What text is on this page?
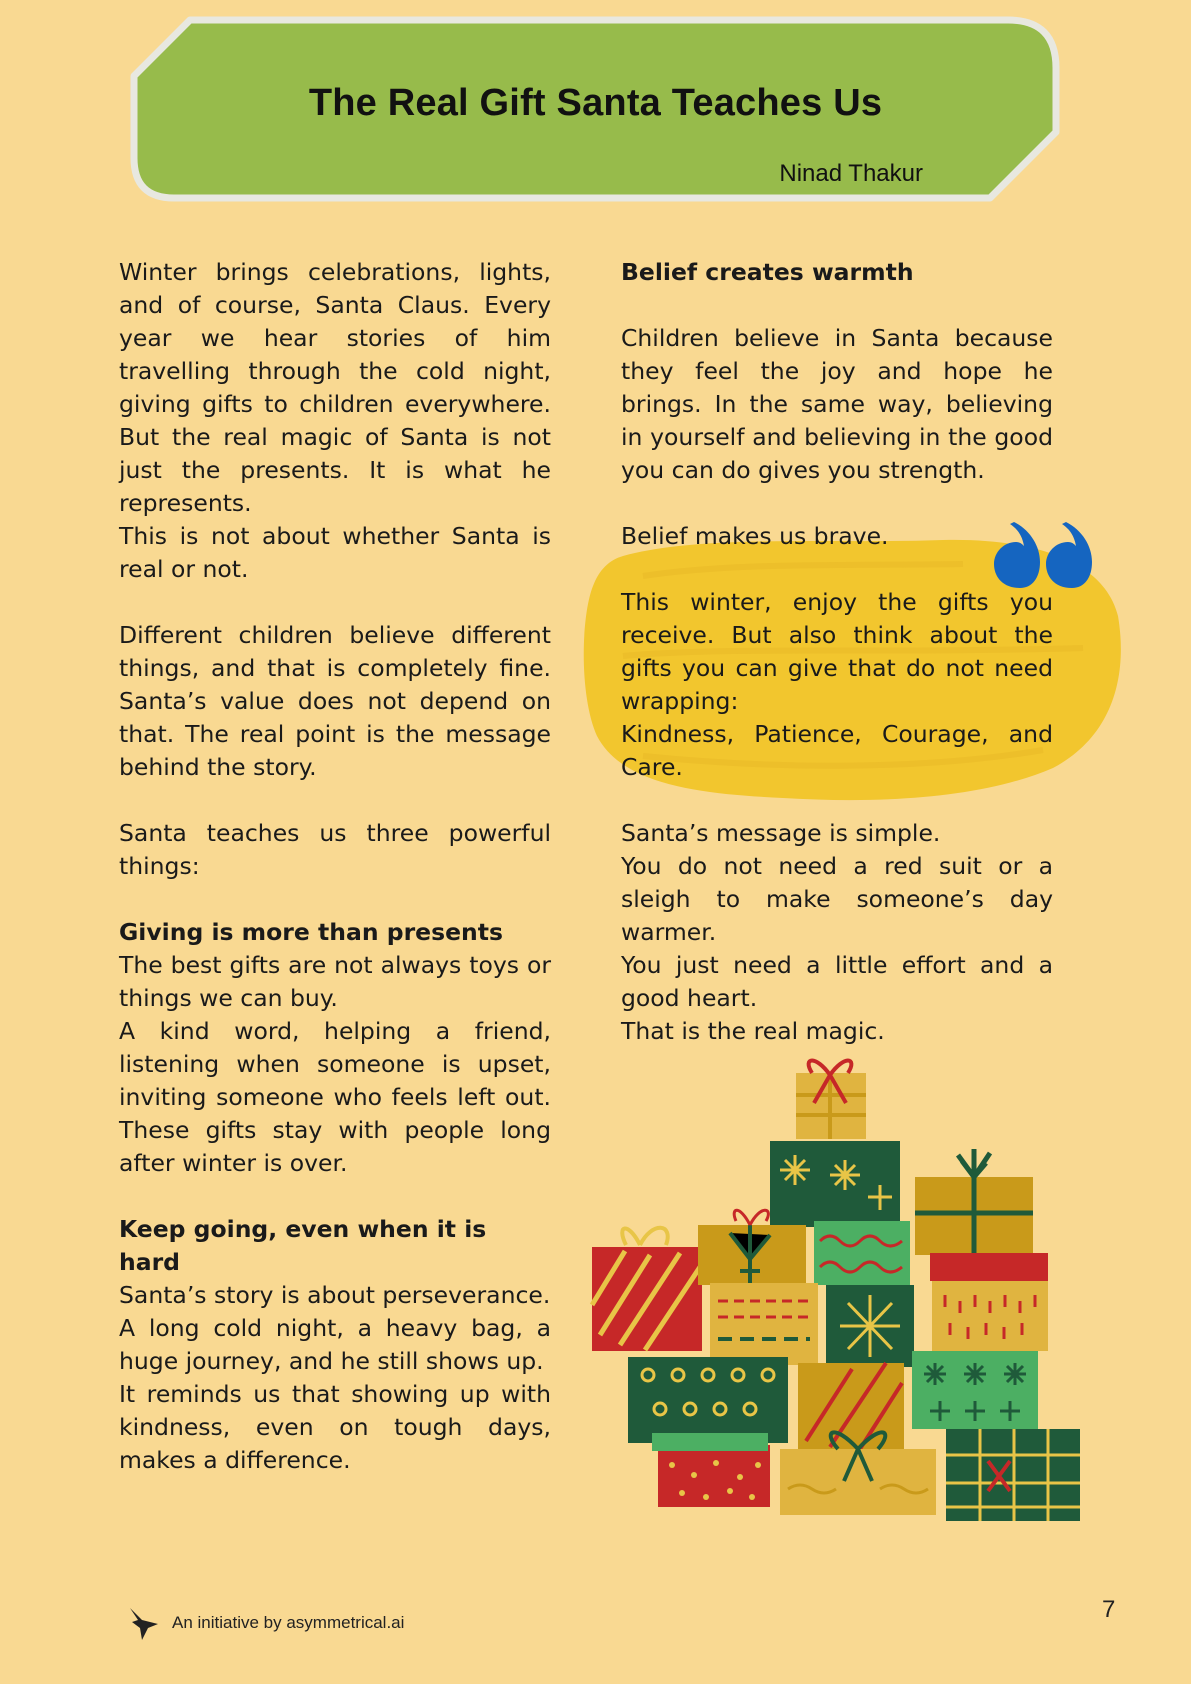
The Real Gift Santa Teaches Us
Ninad Thakur

Winter brings celebrations, lights, and of course, Santa Claus. Every year we hear stories of him travelling through the cold night, giving gifts to children everywhere. But the real magic of Santa is not just the presents. It is what he represents.

This is not about whether Santa is real or not.

Different children believe different things, and that is completely fine. Santa’s value does not depend on that. The real point is the message behind the story.

Santa teaches us three powerful things:

Giving is more than presents

The best gifts are not always toys or things we can buy.

A kind word, helping a friend, listening when someone is upset, inviting someone who feels left out. These gifts stay with people long after winter is over.

Keep going, even when it is hard

Santa’s story is about perseverance.

A long cold night, a heavy bag, a huge journey, and he still shows up.

It reminds us that showing up with kindness, even on tough days, makes a difference.

Belief creates warmth

Children believe in Santa because they feel the joy and hope he brings. In the same way, believing in yourself and believing in the good you can do gives you strength.

Belief makes us brave.

This winter, enjoy the gifts you receive. But also think about the gifts you can give that do not need wrapping:

Kindness, Patience, Courage, and Care.

Santa’s message is simple.

You do not need a red suit or a sleigh to make someone’s day warmer.

You just need a little effort and a good heart.

That is the real magic.

An initiative by asymmetrical.ai	7
